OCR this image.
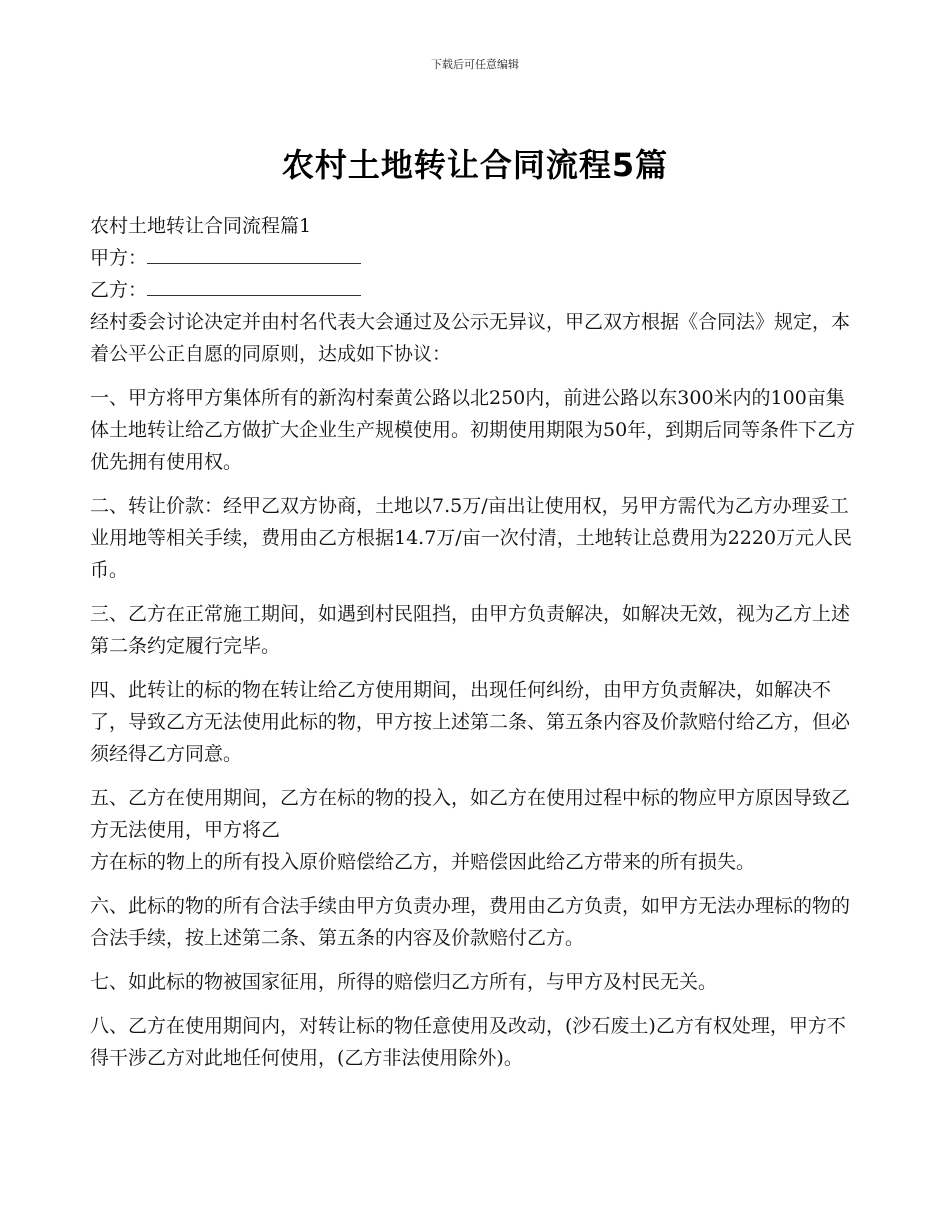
下载后可任意编辑
农村土地转让合同流程5篇

农村土地转让合同流程篇1

甲方：

乙方：

经村委会讨论决定并由村名代表大会通过及公示无异议，甲乙双方根据《合同法》规定，本着公平公正自愿的同原则，达成如下协议：

一、甲方将甲方集体所有的新沟村秦黄公路以北250内，前进公路以东300米内的100亩集体土地转让给乙方做扩大企业生产规模使用。初期使用期限为50年，到期后同等条件下乙方优先拥有使用权。

二、转让价款：经甲乙双方协商，土地以7.5万/亩出让使用权，另甲方需代为乙方办理妥工业用地等相关手续，费用由乙方根据14.7万/亩一次付清，土地转让总费用为2220万元人民币。

三、乙方在正常施工期间，如遇到村民阻挡，由甲方负责解决，如解决无效，视为乙方上述第二条约定履行完毕。

四、此转让的标的物在转让给乙方使用期间，出现任何纠纷，由甲方负责解决，如解决不了，导致乙方无法使用此标的物，甲方按上述第二条、第五条内容及价款赔付给乙方，但必须经得乙方同意。

五、乙方在使用期间，乙方在标的物的投入，如乙方在使用过程中标的物应甲方原因导致乙方无法使用，甲方将乙

方在标的物上的所有投入原价赔偿给乙方，并赔偿因此给乙方带来的所有损失。

六、此标的物的所有合法手续由甲方负责办理，费用由乙方负责，如甲方无法办理标的物的合法手续，按上述第二条、第五条的内容及价款赔付乙方。

七、如此标的物被国家征用，所得的赔偿归乙方所有，与甲方及村民无关。

八、乙方在使用期间内，对转让标的物任意使用及改动，(沙石废土)乙方有权处理，甲方不得干涉乙方对此地任何使用，(乙方非法使用除外)。
